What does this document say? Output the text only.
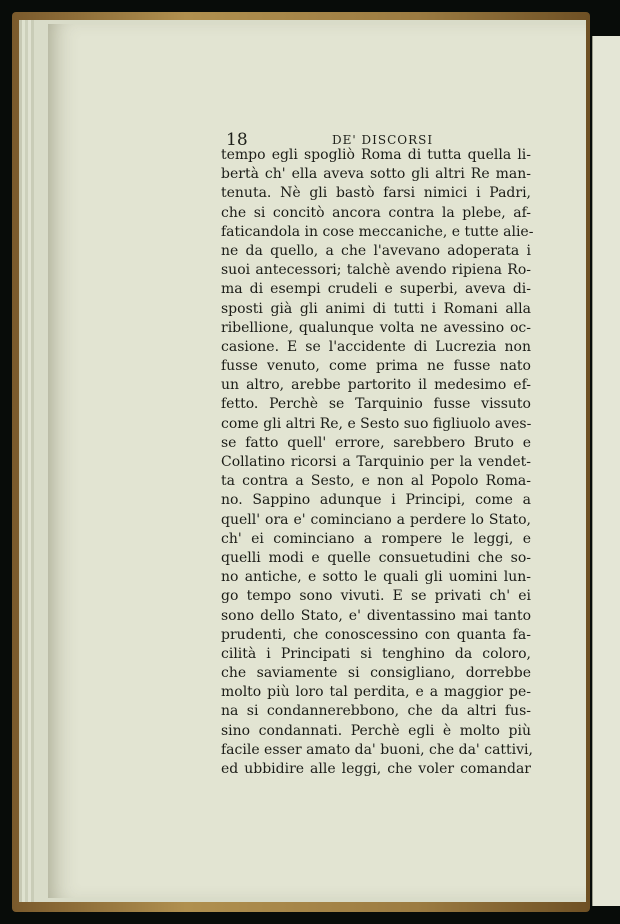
18	DE' DISCORSI
tempo egli spogliò Roma di tutta quella li-
bertà ch' ella aveva sotto gli altri Re man-
tenuta. Nè gli bastò farsi nimici i Padri,
che si concitò ancora contra la plebe, af-
faticandola in cose meccaniche, e tutte alie-
ne da quello, a che l'avevano adoperata i
suoi antecessori; talchè avendo ripiena Ro-
ma di esempi crudeli e superbi, aveva di-
sposti già gli animi di tutti i Romani alla
ribellione, qualunque volta ne avessino oc-
casione. E se l'accidente di Lucrezia non
fusse venuto, come prima ne fusse nato
un altro, arebbe partorito il medesimo ef-
fetto. Perchè se Tarquinio fusse vissuto
come gli altri Re, e Sesto suo figliuolo aves-
se fatto quell' errore, sarebbero Bruto e
Collatino ricorsi a Tarquinio per la vendet-
ta contra a Sesto, e non al Popolo Roma-
no. Sappino adunque i Principi, come a
quell' ora e' cominciano a perdere lo Stato,
ch' ei cominciano a rompere le leggi, e
quelli modi e quelle consuetudini che so-
no antiche, e sotto le quali gli uomini lun-
go tempo sono vivuti. E se privati ch' ei
sono dello Stato, e' diventassino mai tanto
prudenti, che conoscessino con quanta fa-
cilità i Principati si tenghino da coloro,
che saviamente si consigliano, dorrebbe
molto più loro tal perdita, e a maggior pe-
na si condannerebbono, che da altri fus-
sino condannati. Perchè egli è molto più
facile esser amato da' buoni, che da' cattivi,
ed ubbidire alle leggi, che voler comandar
